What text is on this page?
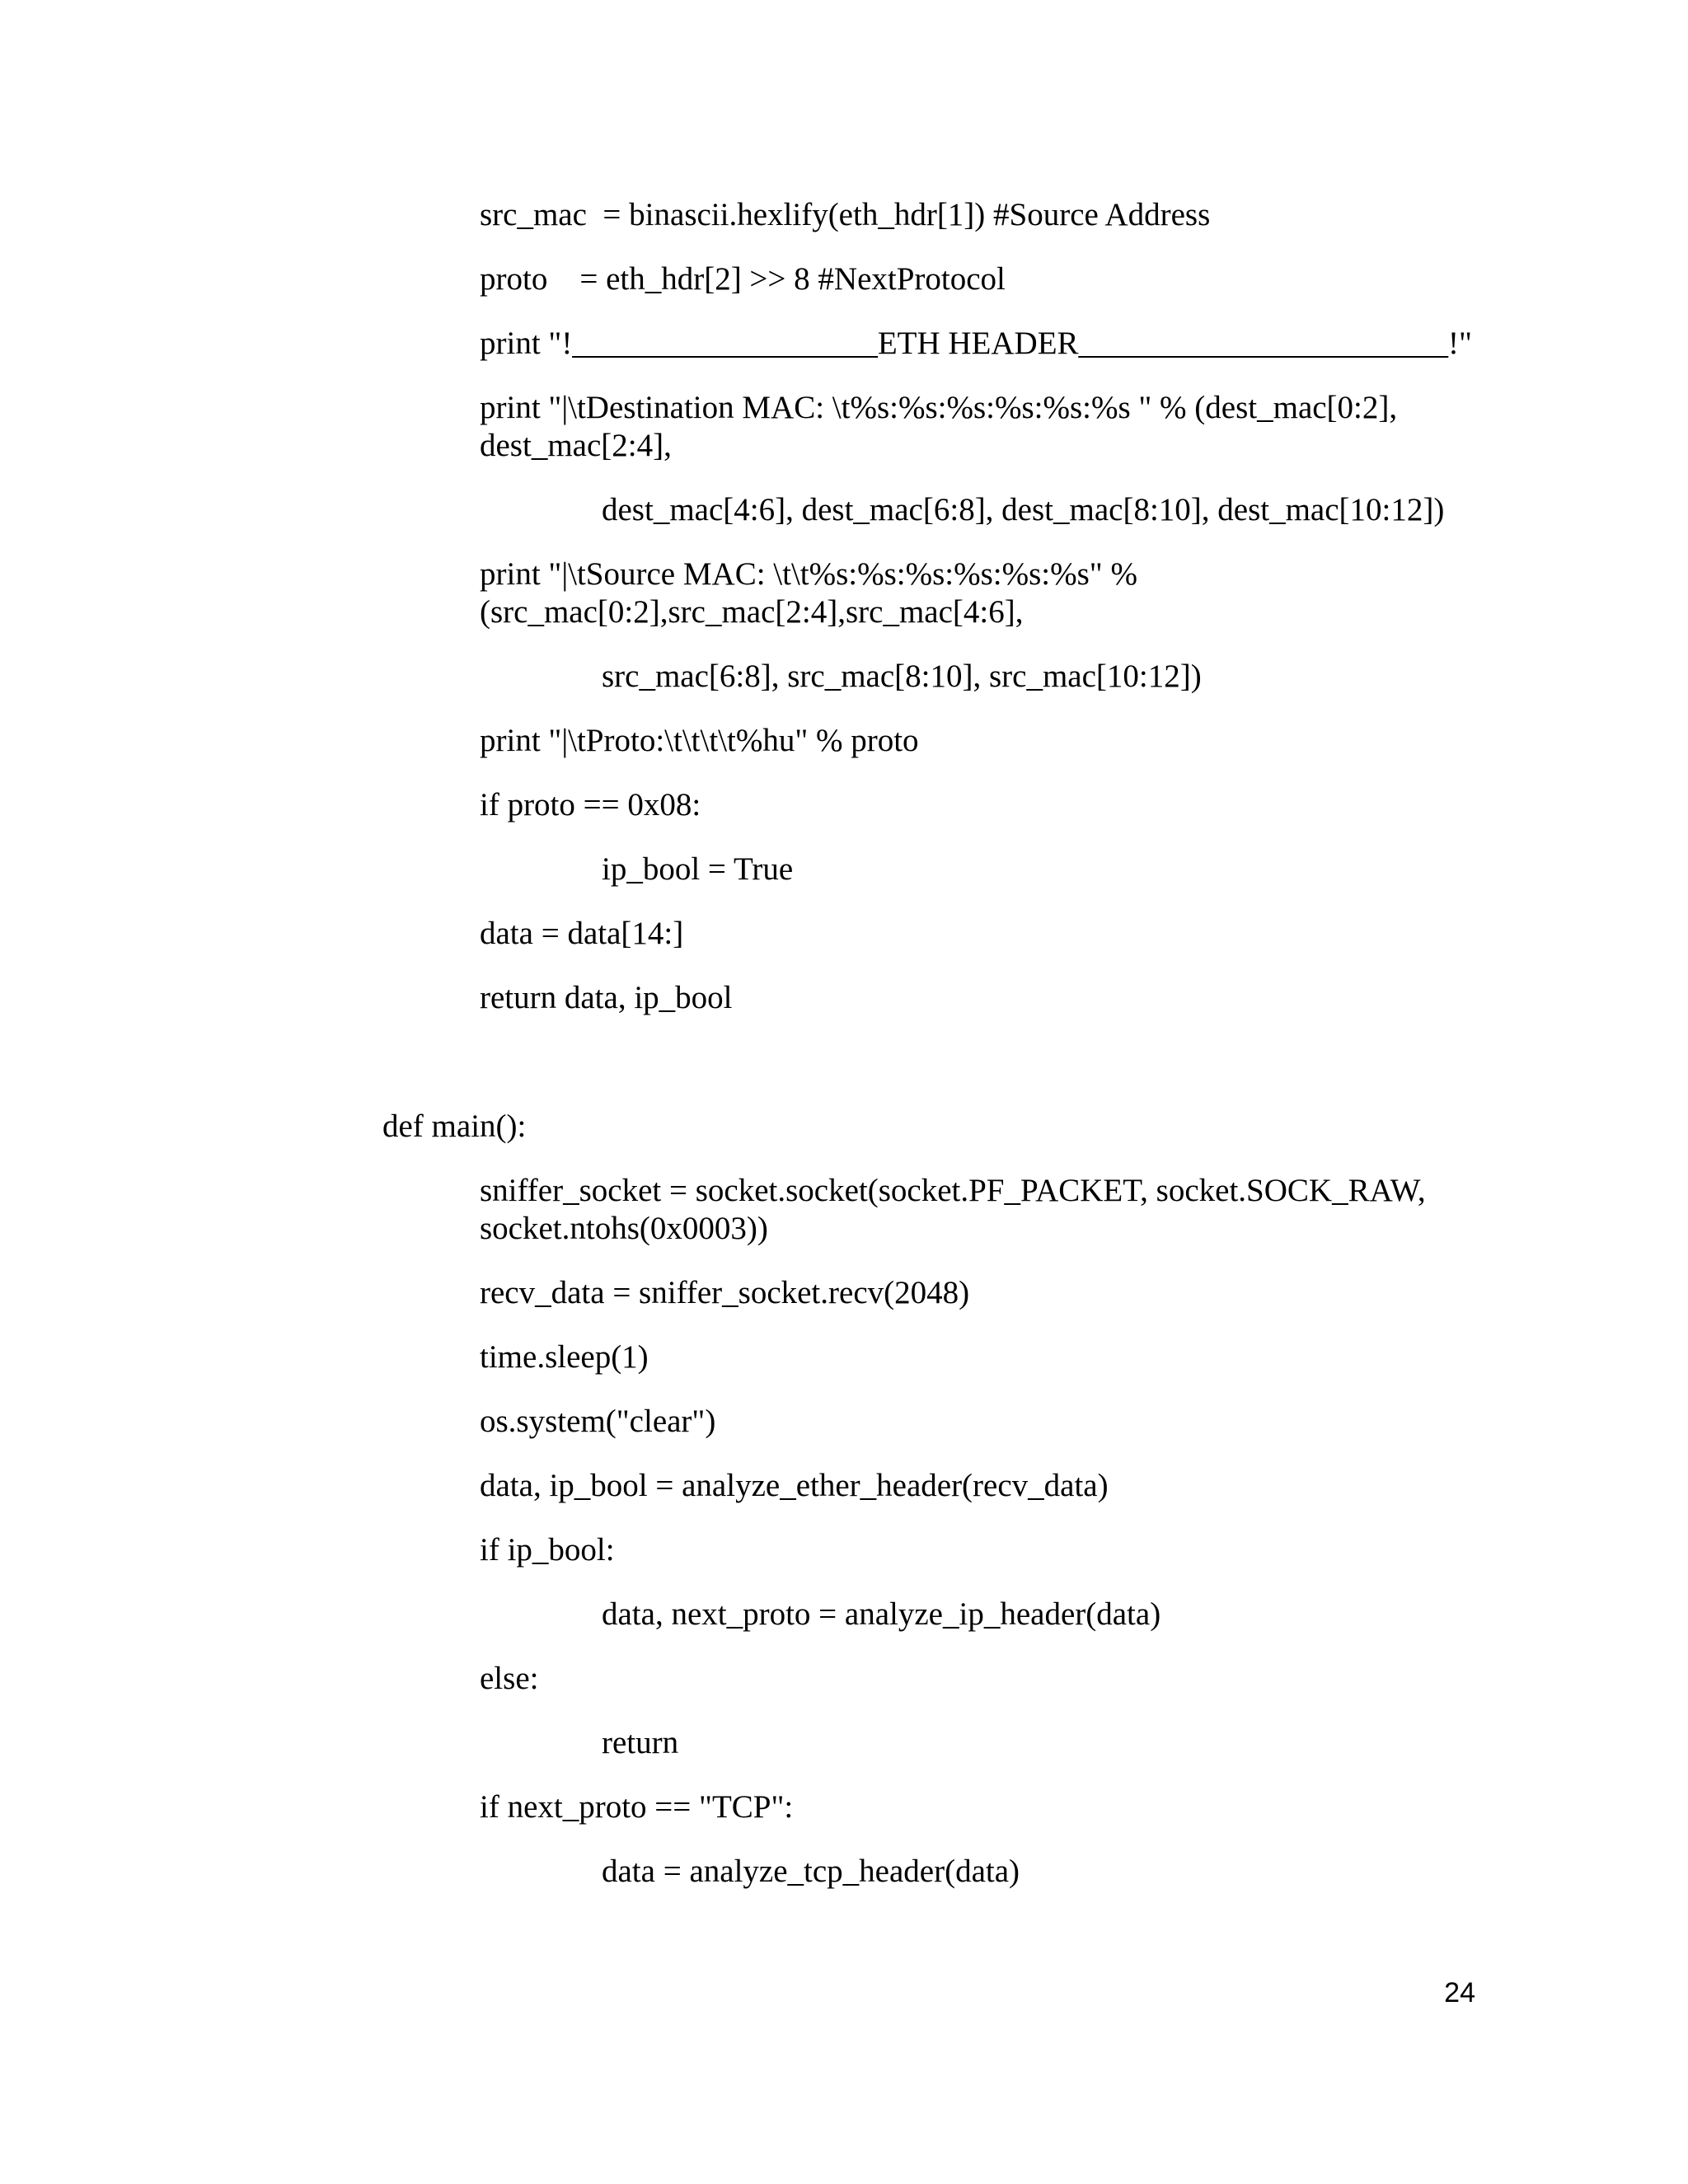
src_mac  = binascii.hexlify(eth_hdr[1]) #Source Address

proto    = eth_hdr[2] >> 8 #NextProtocol

print "!___________________ETH HEADER_______________________!"

print "|\tDestination MAC: \t%s:%s:%s:%s:%s:%s " % (dest_mac[0:2], dest_mac[2:4],

dest_mac[4:6], dest_mac[6:8], dest_mac[8:10], dest_mac[10:12])

print "|\tSource MAC: \t\t%s:%s:%s:%s:%s:%s" % (src_mac[0:2],src_mac[2:4],src_mac[4:6],

src_mac[6:8], src_mac[8:10], src_mac[10:12])

print "|\tProto:\t\t\t\t%hu" % proto

if proto == 0x08:

ip_bool = True

data = data[14:]

return data, ip_bool

def main():

sniffer_socket = socket.socket(socket.PF_PACKET, socket.SOCK_RAW, socket.ntohs(0x0003))

recv_data = sniffer_socket.recv(2048)

time.sleep(1)

os.system("clear")

data, ip_bool = analyze_ether_header(recv_data)

if ip_bool:

data, next_proto = analyze_ip_header(data)

else:

return

if next_proto == "TCP":

data = analyze_tcp_header(data)

24
